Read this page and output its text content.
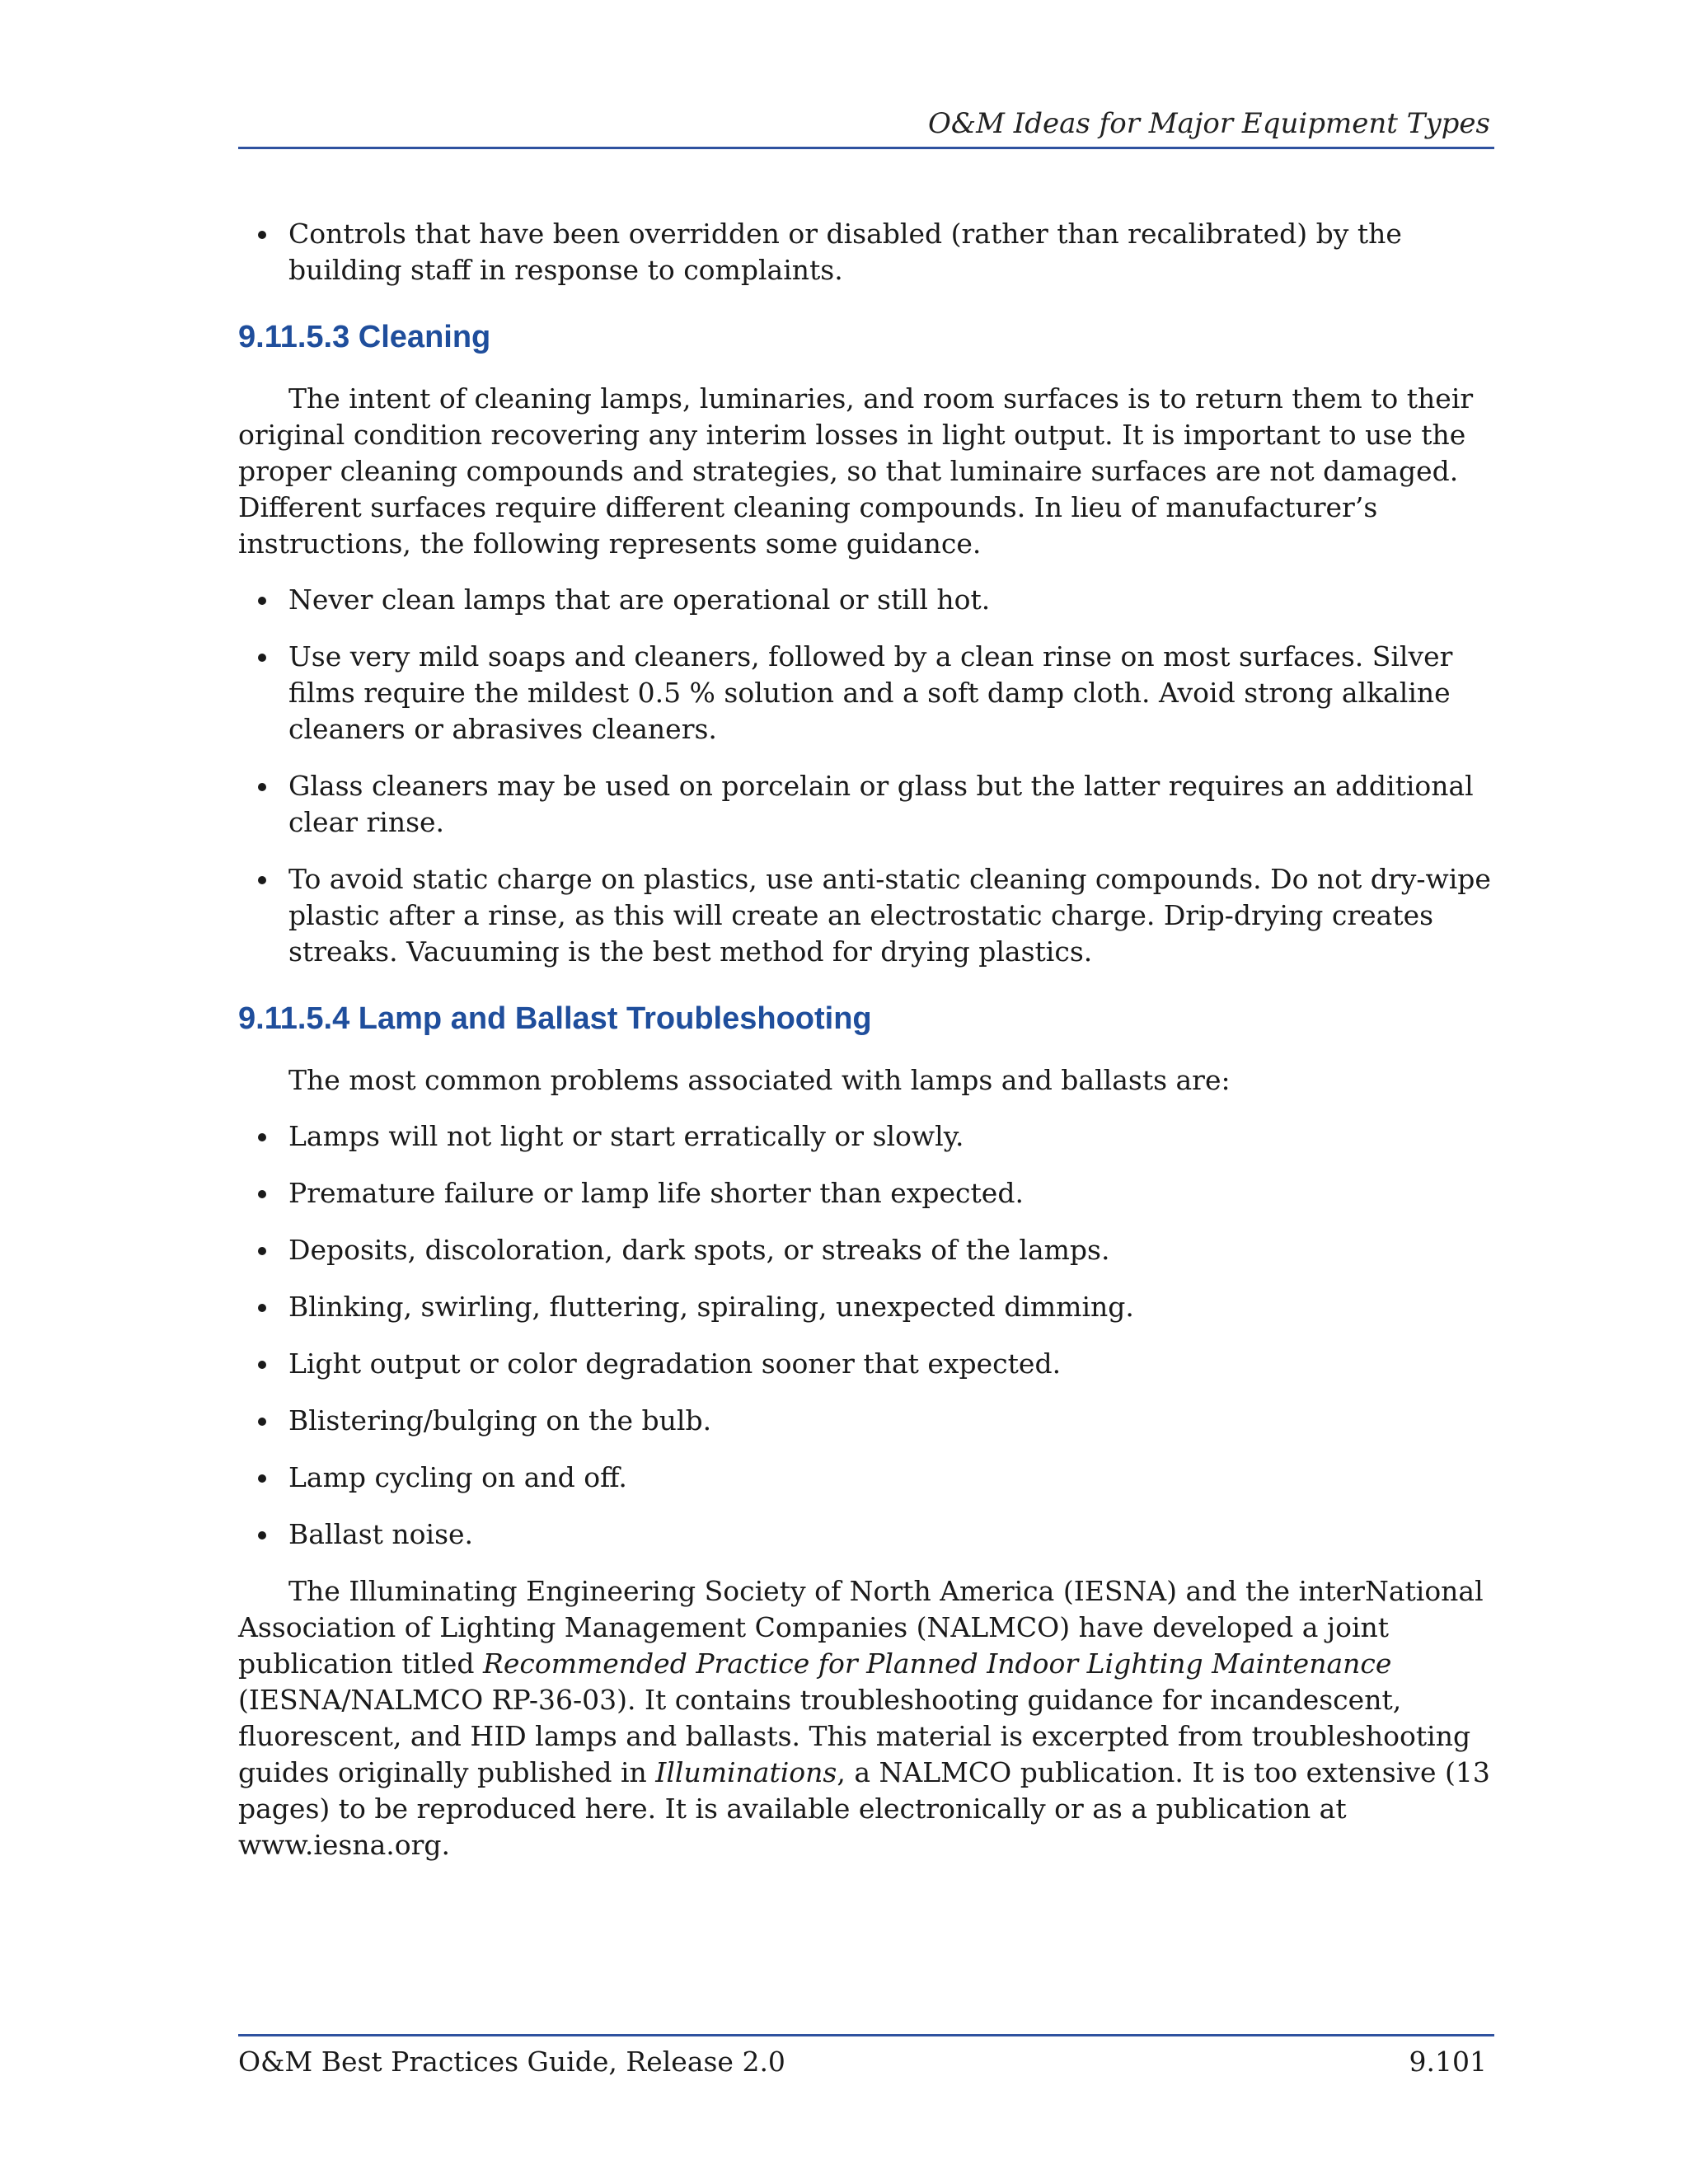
O&M Ideas for Major Equipment Types
Controls that have been overridden or disabled (rather than recalibrated) by the building staff in response to complaints.
9.11.5.3 Cleaning

The intent of cleaning lamps, luminaries, and room surfaces is to return them to their original condition recovering any interim losses in light output. It is important to use the proper cleaning compounds and strategies, so that luminaire surfaces are not damaged. Different surfaces require different cleaning compounds. In lieu of manufacturer’s instructions, the following represents some guidance.

Never clean lamps that are operational or still hot.
Use very mild soaps and cleaners, followed by a clean rinse on most surfaces. Silver films require the mildest 0.5 % solution and a soft damp cloth. Avoid strong alkaline cleaners or abrasives cleaners.
Glass cleaners may be used on porcelain or glass but the latter requires an additional clear rinse.
To avoid static charge on plastics, use anti-static cleaning compounds. Do not dry-wipe plastic after a rinse, as this will create an electrostatic charge. Drip-drying creates streaks. Vacuuming is the best method for drying plastics.
9.11.5.4 Lamp and Ballast Troubleshooting

The most common problems associated with lamps and ballasts are:

Lamps will not light or start erratically or slowly.
Premature failure or lamp life shorter than expected.
Deposits, discoloration, dark spots, or streaks of the lamps.
Blinking, swirling, fluttering, spiraling, unexpected dimming.
Light output or color degradation sooner that expected.
Blistering/bulging on the bulb.
Lamp cycling on and off.
Ballast noise.

The Illuminating Engineering Society of North America (IESNA) and the interNational Association of Lighting Management Companies (NALMCO) have developed a joint publication titled Recommended Practice for Planned Indoor Lighting Maintenance (IESNA/NALMCO RP-36-03). It contains troubleshooting guidance for incandescent, fluorescent, and HID lamps and ballasts. This material is excerpted from troubleshooting guides originally published in Illuminations, a NALMCO publication. It is too extensive (13 pages) to be reproduced here. It is available electronically or as a publication at www.iesna.org.

O&M Best Practices Guide, Release 2.0	9.101
